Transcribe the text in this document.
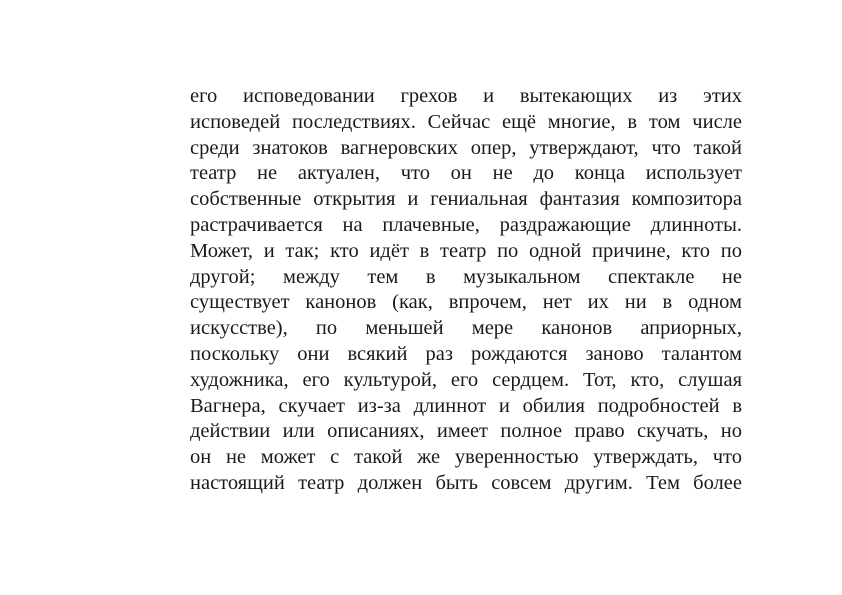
его исповедовании грехов и вытекающих из этих
исповедей последствиях. Сейчас ещё многие, в том числе
среди знатоков вагнеровских опер, утверждают, что такой
театр не актуален, что он не до конца использует
собственные открытия и гениальная фантазия композитора
растрачивается на плачевные, раздражающие длинноты.
Может, и так; кто идёт в театр по одной причине, кто по
другой; между тем в музыкальном спектакле не
существует канонов (как, впрочем, нет их ни в одном
искусстве), по меньшей мере канонов априорных,
поскольку они всякий раз рождаются заново талантом
художника, его культурой, его сердцем. Тот, кто, слушая
Вагнера, скучает из-за длиннот и обилия подробностей в
действии или описаниях, имеет полное право скучать, но
он не может с такой же уверенностью утверждать, что
настоящий театр должен быть совсем другим. Тем более
